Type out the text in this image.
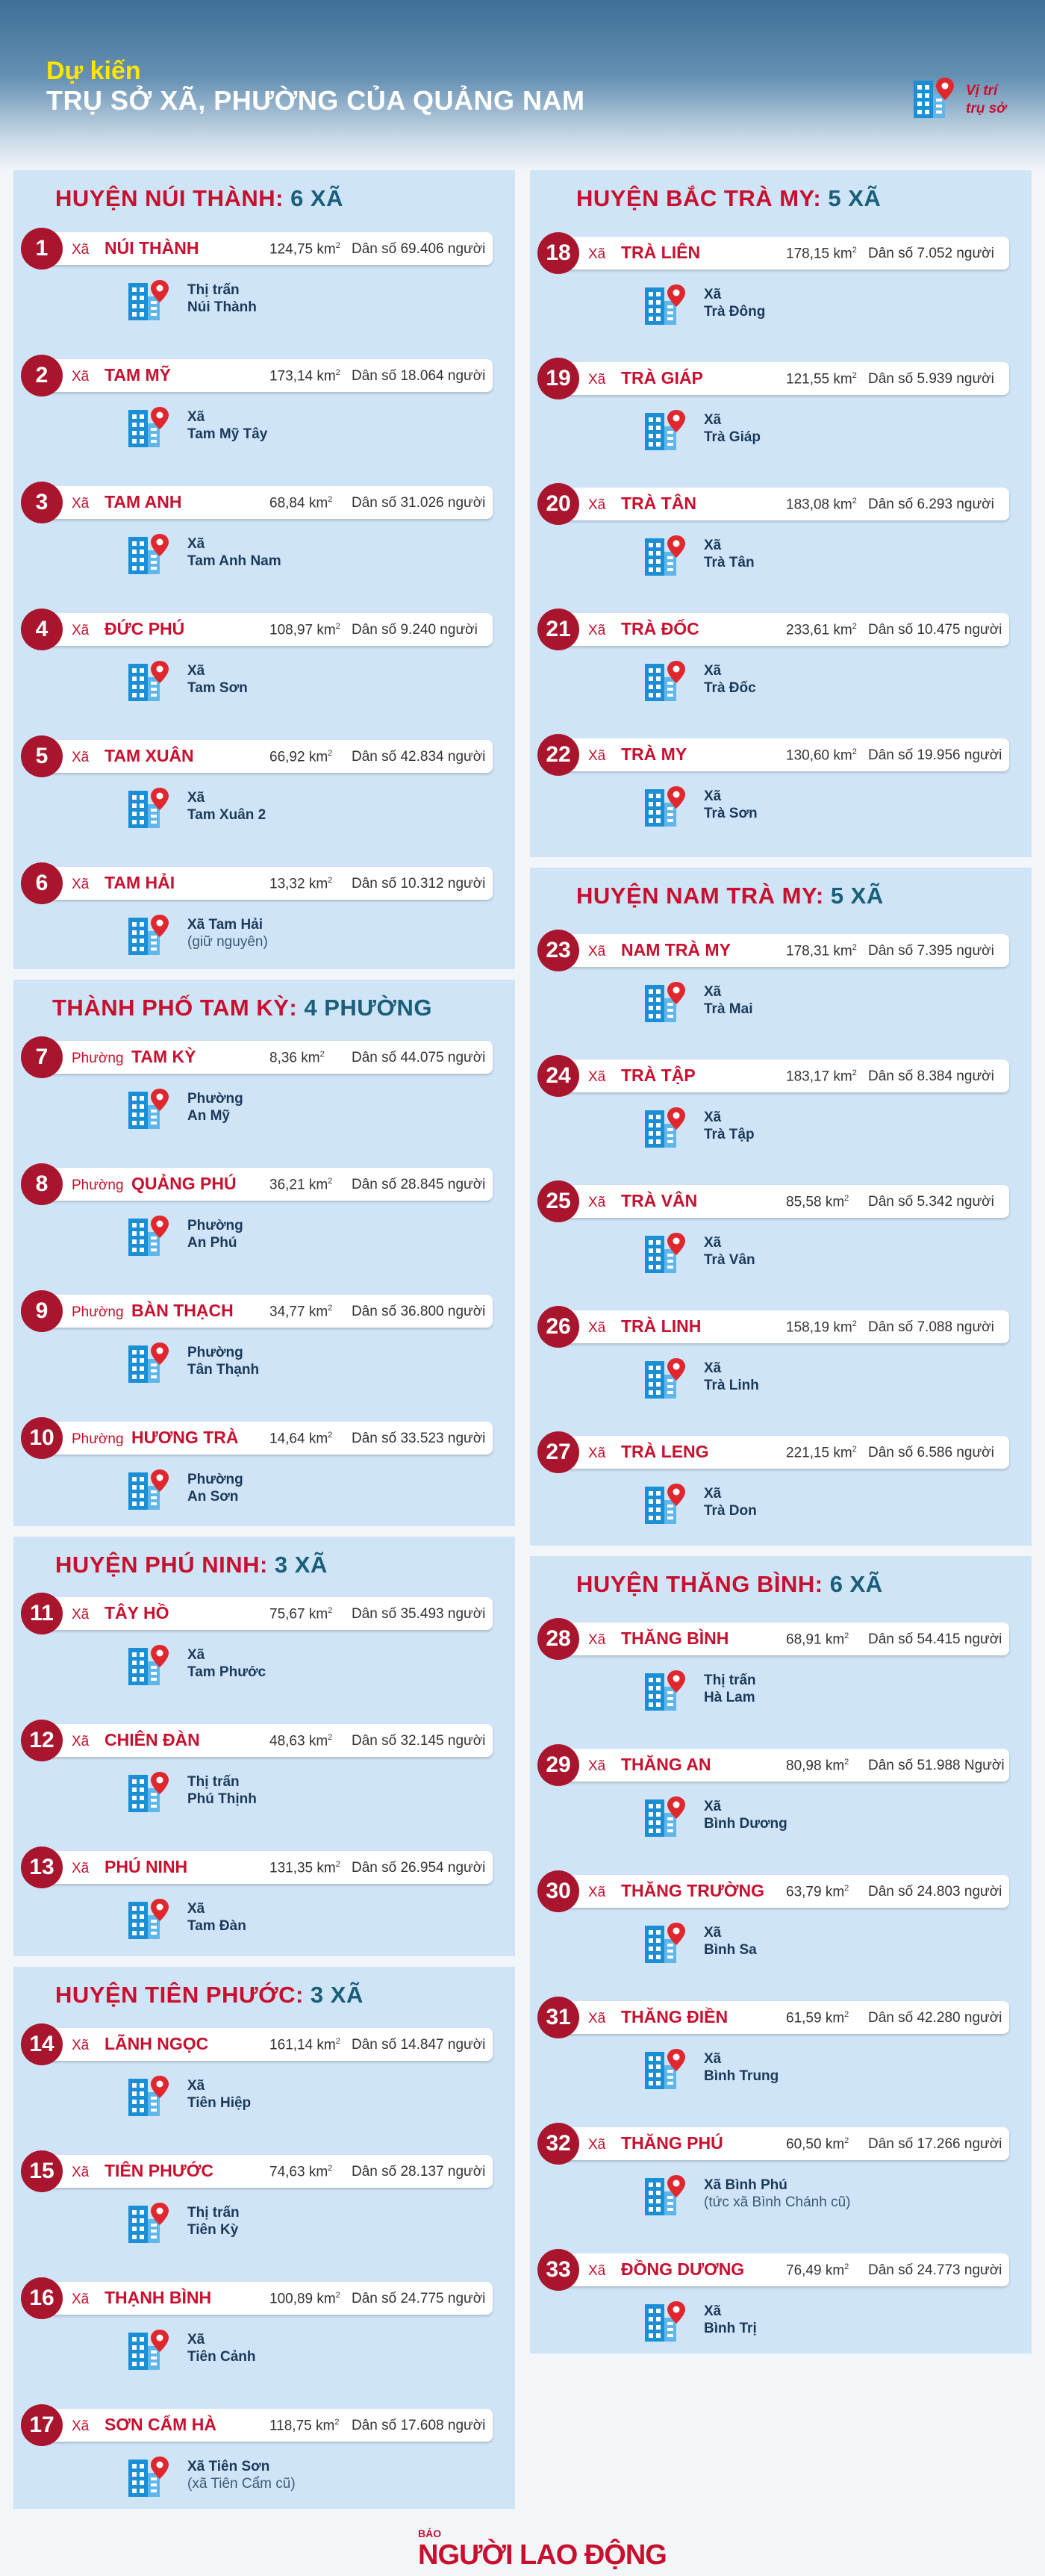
Dự kiến
TRỤ SỞ XÃ, PHƯỜNG CỦA QUẢNG NAM	Vị trí
trụ sở
HUYỆN NÚI THÀNH: 6 XÃ
1	Xã NÚI THÀNH	124,75 $km^2$ Dân số 69.406 người
Thị trấn
Núi Thành
2	Xã TAM MỸ	173,14 $km^2$ Dân số 18.064 người
Xã
Tam Mỹ Tây
3	Xã TAM ANH	68,84 $km^2$ Dân số 31.026 người
Xã
Tam Anh Nam
4	Xã ĐỨC PHÚ	108,97 $km^2$ Dân số 9.240 người
Xã
Tam Sơn
5	Xã TAM XUÂN	66,92 $km^2$ Dân số 42.834 người
Xã
Tam Xuân 2
6	Xã TAM HẢI	13,32 $km^2$ Dân số 10.312 người
Xã Tam Hải
(giữ nguyên)
THÀNH PHỐ TAM KỲ: 4 PHƯỜNG
7	Phường TAM KỲ	8,36 $km^2$ Dân số 44.075 người
Phường
An Mỹ
8	Phường QUẢNG PHÚ 36,21 $km^2$ Dân số 28.845 người
Phường
An Phú
9	Phường BÀN THẠCH	34,77 $km^2$ Dân số 36.800 người
Phường
Tân Thạnh
10	Phường HƯƠNG TRÀ 14,64 $km^2$ Dân số 33.523 người
Phường
An Sơn
HUYỆN PHÚ NINH: 3 XÃ
11	Xã TÂY HỒ	75,67 $km^2$ Dân số 35.493 người
Xã
Tam Phước
12	Xã CHIÊN ĐÀN	48,63 $km^2$ Dân số 32.145 người
Thị trấn
Phú Thịnh
13	Xã PHÚ NINH	131,35 $km^2$ Dân số 26.954 người
Xã
Tam Đàn
HUYỆN TIÊN PHƯỚC: 3 XÃ
14	Xã LÃNH NGỌC	161,14 $km^2$ Dân số 14.847 người
Xã
Tiên Hiệp
15	Xã TIÊN PHƯỚC	74,63 $km^2$ Dân số 28.137 người
Thị trấn
Tiên Kỳ
16	Xã THẠNH BÌNH	100,89 $km^2$ Dân số 24.775 người
Xã
Tiên Cảnh
17	Xã SƠN CẨM HÀ	118,75 $km^2$ Dân số 17.608 người
Xã Tiên Sơn
(xã Tiên Cẩm cũ)
HUYỆN BẮC TRÀ MY: 5 XÃ
18	Xã TRÀ LIÊN	178,15 $km^2$ Dân số 7.052 người
Xã
Trà Đông
19	Xã TRÀ GIÁP	121,55 $km^2$ Dân số 5.939 người
Xã
Trà Giáp
20	Xã TRÀ TÂN	183,08 $km^2$ Dân số 6.293 người
Xã
Trà Tân
21	Xã TRÀ ĐỐC	233,61 $km^2$ Dân số 10.475 người
Xã
Trà Đốc
22	Xã TRÀ MY	130,60 $km^2$ Dân số 19.956 người
Xã
Trà Sơn
HUYỆN NAM TRÀ MY: 5 XÃ
23	Xã NAM TRÀ MY	178,31 $km^2$ Dân số 7.395 người
Xã
Trà Mai
24	Xã TRÀ TẬP	183,17 $km^2$ Dân số 8.384 người
Xã
Trà Tập
25	Xã TRÀ VÂN	85,58 $km^2$ Dân số 5.342 người
Xã
Trà Vân
26	Xã TRÀ LINH	158,19 $km^2$ Dân số 7.088 người
Xã
Trà Linh
27	Xã TRÀ LENG	221,15 $km^2$ Dân số 6.586 người
Xã
Trà Don
HUYỆN THĂNG BÌNH: 6 XÃ
28	Xã THĂNG BÌNH	68,91 $km^2$ Dân số 54.415 người
Thị trấn
Hà Lam
29	Xã THĂNG AN	80,98 $km^2$ Dân số 51.988 Người
Xã
Bình Dương
30	Xã THĂNG TRƯỜNG 63,79 $km^2$ Dân số 24.803 người
Xã
Bình Sa
31	Xã THĂNG ĐIỀN	61,59 $km^2$ Dân số 42.280 người
Xã
Bình Trung
32	Xã THĂNG PHÚ	60,50 $km^2$ Dân số 17.266 người
Xã Bình Phú
(tức xã Bình Chánh cũ)
33	Xã ĐỒNG DƯƠNG	76,49 $km^2$ Dân số 24.773 người
Xã
Bình Trị
BÁO
NGƯỜI LAO ĐỘNG
